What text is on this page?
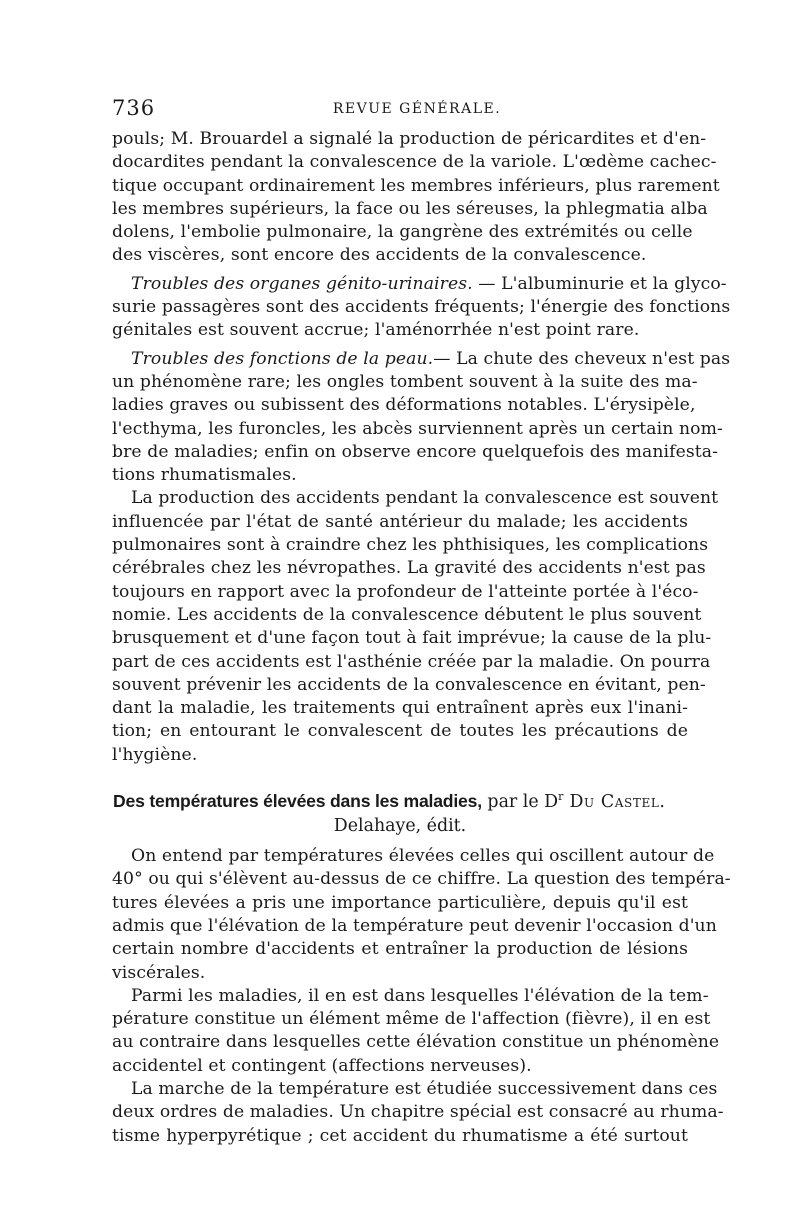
736	REVUE GÉNÉRALE.
pouls; M. Brouardel a signalé la production de péricardites et d'en-
docardites pendant la convalescence de la variole. L'œdème cachec-
tique occupant ordinairement les membres inférieurs, plus rarement
les membres supérieurs, la face ou les séreuses, la phlegmatia alba
dolens, l'embolie pulmonaire, la gangrène des extrémités ou celle
des viscères, sont encore des accidents de la convalescence.
Troubles des organes génito-urinaires. — L'albuminurie et la glyco-
surie passagères sont des accidents fréquents; l'énergie des fonctions
génitales est souvent accrue; l'aménorrhée n'est point rare.
Troubles des fonctions de la peau.— La chute des cheveux n'est pas
un phénomène rare; les ongles tombent souvent à la suite des ma-
ladies graves ou subissent des déformations notables. L'érysipèle,
l'ecthyma, les furoncles, les abcès surviennent après un certain nom-
bre de maladies; enfin on observe encore quelquefois des manifesta-
tions rhumatismales.
La production des accidents pendant la convalescence est souvent
influencée par l'état de santé antérieur du malade; les accidents
pulmonaires sont à craindre chez les phthisiques, les complications
cérébrales chez les névropathes. La gravité des accidents n'est pas
toujours en rapport avec la profondeur de l'atteinte portée à l'éco-
nomie. Les accidents de la convalescence débutent le plus souvent
brusquement et d'une façon tout à fait imprévue; la cause de la plu-
part de ces accidents est l'asthénie créée par la maladie. On pourra
souvent prévenir les accidents de la convalescence en évitant, pen-
dant la maladie, les traitements qui entraînent après eux l'inani-
tion; en entourant le convalescent de toutes les précautions de
l'hygiène.
Des températures élevées dans les maladies, par le $D^r$ Du Castel.
Delahaye, édit.
On entend par températures élevées celles qui oscillent autour de
40° ou qui s'élèvent au-dessus de ce chiffre. La question des tempéra-
tures élevées a pris une importance particulière, depuis qu'il est
admis que l'élévation de la température peut devenir l'occasion d'un
certain nombre d'accidents et entraîner la production de lésions
viscérales.
Parmi les maladies, il en est dans lesquelles l'élévation de la tem-
pérature constitue un élément même de l'affection (fièvre), il en est
au contraire dans lesquelles cette élévation constitue un phénomène
accidentel et contingent (affections nerveuses).
La marche de la température est étudiée successivement dans ces
deux ordres de maladies. Un chapitre spécial est consacré au rhuma-
tisme hyperpyrétique ; cet accident du rhumatisme a été surtout
